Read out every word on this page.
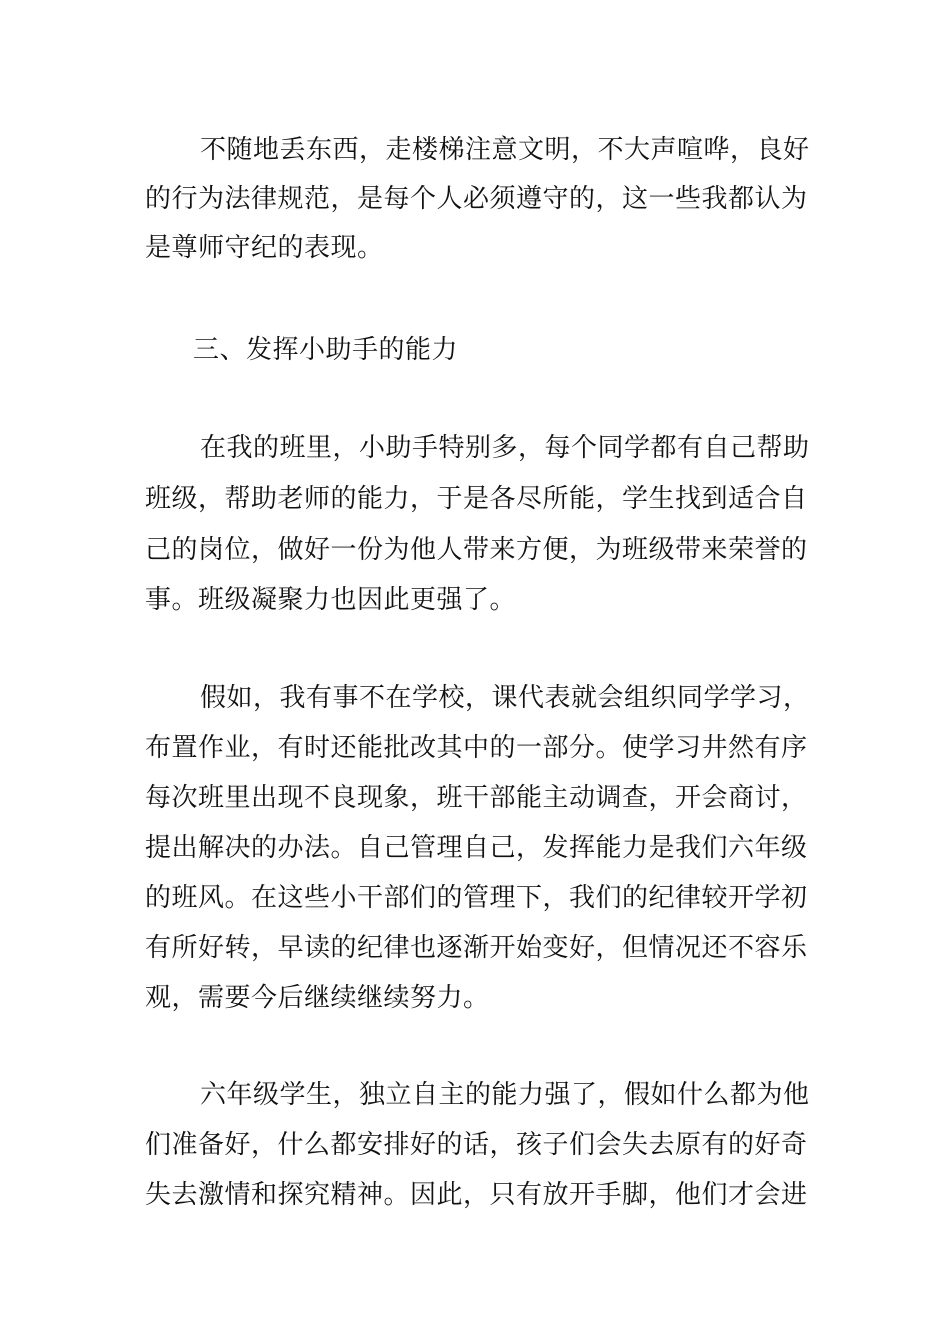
不随地丢东西，走楼梯注意文明，不大声喧哗，良好

的行为法律规范，是每个人必须遵守的，这一些我都认为

是尊师守纪的表现。

三、发挥小助手的能力

在我的班里，小助手特别多，每个同学都有自己帮助

班级，帮助老师的能力，于是各尽所能，学生找到适合自

己的岗位，做好一份为他人带来方便，为班级带来荣誉的

事。班级凝聚力也因此更强了。

假如，我有事不在学校，课代表就会组织同学学习，

布置作业，有时还能批改其中的一部分。使学习井然有序

每次班里出现不良现象，班干部能主动调查，开会商讨，

提出解决的办法。自己管理自己，发挥能力是我们六年级

的班风。在这些小干部们的管理下，我们的纪律较开学初

有所好转，早读的纪律也逐渐开始变好，但情况还不容乐

观，需要今后继续继续努力。

六年级学生，独立自主的能力强了，假如什么都为他

们准备好，什么都安排好的话，孩子们会失去原有的好奇

失去激情和探究精神。因此，只有放开手脚，他们才会进
